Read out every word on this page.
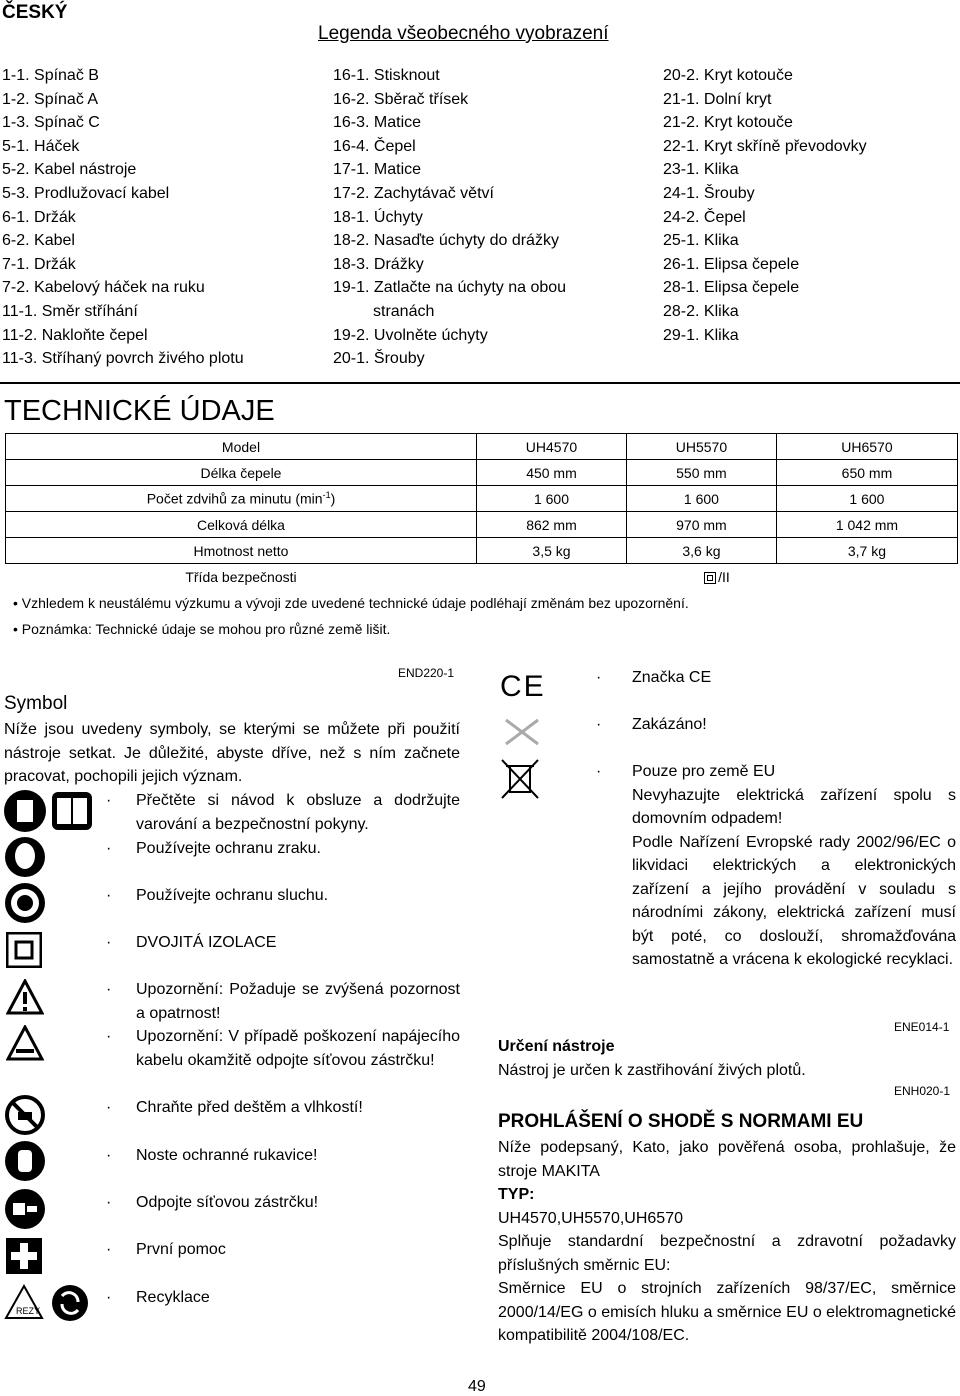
ČESKÝ
Legenda všeobecného vyobrazení
1-1. Spínač B
1-2. Spínač A
1-3. Spínač C
5-1. Háček
5-2. Kabel nástroje
5-3. Prodlužovací kabel
6-1. Držák
6-2. Kabel
7-1. Držák
7-2. Kabelový háček na ruku
11-1. Směr stříhání
11-2. Nakloňte čepel
11-3. Stříhaný povrch živého plotu
16-1. Stisknout
16-2. Sběrač třísek
16-3. Matice
16-4. Čepel
17-1. Matice
17-2. Zachytávač větví
18-1. Úchyty
18-2. Nasaďte úchyty do drážky
18-3. Drážky
19-1. Zatlačte na úchyty na obou
stranách
19-2. Uvolněte úchyty
20-1. Šrouby
20-2. Kryt kotouče
21-1. Dolní kryt
21-2. Kryt kotouče
22-1. Kryt skříně převodovky
23-1. Klika
24-1. Šrouby
24-2. Čepel
25-1. Klika
26-1. Elipsa čepele
28-1. Elipsa čepele
28-2. Klika
29-1. Klika
TECHNICKÉ ÚDAJE
Model	UH4570	UH5570	UH6570
Délka čepele	450 mm	550 mm	650 mm
Počet zdvihů za minutu $(\min^{-1})$	1 600	1 600	1 600
Celková délka	862 mm	970 mm	1 042 mm
Hmotnost netto	3,5 kg	3,6 kg	3,7 kg
Třída bezpečnosti	/II		
• Vzhledem k neustálému výzkumu a vývoji zde uvedené technické údaje podléhají změnám bez upozornění.
• Poznámka: Technické údaje se mohou pro různé země lišit.
END220-1
Symbol
Níže jsou uvedeny symboly, se kterými se můžete při použití nástroje setkat. Je důležité, abyste dříve, než s ním začnete pracovat, pochopili jejich význam.
REZY
· Přečtěte si návod k obsluze a dodržujte varování a bezpečnostní pokyny.
· Používejte ochranu zraku.
· Používejte ochranu sluchu.
· DVOJITÁ IZOLACE
· Upozornění: Požaduje se zvýšená pozornost a opatrnost!
· Upozornění: V případě poškození napájecího kabelu okamžitě odpojte síťovou zástrčku!
· Chraňte před deštěm a vlhkostí!
· Noste ochranné rukavice!
· Odpojte síťovou zástrčku!
· První pomoc
· Recyklace
CE	· Značka CE
· Zakázáno!
· Pouze pro země EU
Nevyhazujte elektrická zařízení spolu s domovním odpadem!
Podle Nařízení Evropské rady 2002/96/EC o likvidaci elektrických a elektronických zařízení a jejího provádění v souladu s národními zákony, elektrická zařízení musí být poté, co doslouží, shromažďována samostatně a vrácena k ekologické recyklaci.
ENE014-1
Určení nástroje
Nástroj je určen k zastřihování živých plotů.
ENH020-1
PROHLÁŠENÍ O SHODĚ S NORMAMI EU
Níže podepsaný, Kato, jako pověřená osoba, prohlašuje, že stroje MAKITA
TYP:
UH4570,UH5570,UH6570
Splňuje standardní bezpečnostní a zdravotní požadavky příslušných směrnic EU:
Směrnice EU o strojních zařízeních 98/37/EC, směrnice 2000/14/EG o emisích hluku a směrnice EU o elektromagnetické kompatibilitě 2004/108/EC.
49
